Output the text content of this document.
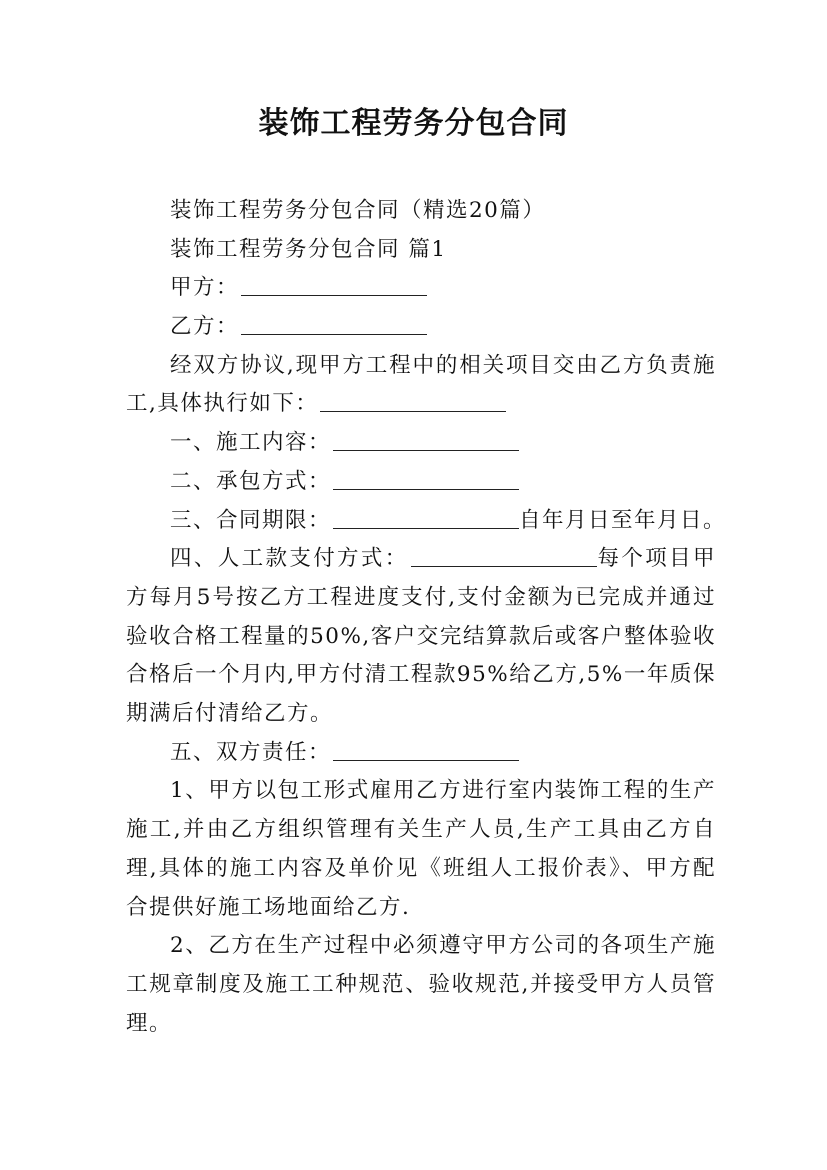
装饰工程劳务分包合同
装饰工程劳务分包合同（精选20篇）
装饰工程劳务分包合同 篇1
甲方：
乙方：
经双方协议,现甲方工程中的相关项目交由乙方负责施工,具体执行如下：
一、施工内容：
二、承包方式：
三、合同期限：	自年月日至年月日。
四、人工款支付方式：	每个项目甲方每月5号按乙方工程进度支付,支付金额为已完成并通过验收合格工程量的50%,客户交完结算款后或客户整体验收合格后一个月内,甲方付清工程款95%给乙方,5%一年质保期满后付清给乙方。
五、双方责任：
1、甲方以包工形式雇用乙方进行室内装饰工程的生产施工,并由乙方组织管理有关生产人员,生产工具由乙方自理,具体的施工内容及单价见《班组人工报价表》、甲方配合提供好施工场地面给乙方.
2、乙方在生产过程中必须遵守甲方公司的各项生产施工规章制度及施工工种规范、验收规范,并接受甲方人员管理。
